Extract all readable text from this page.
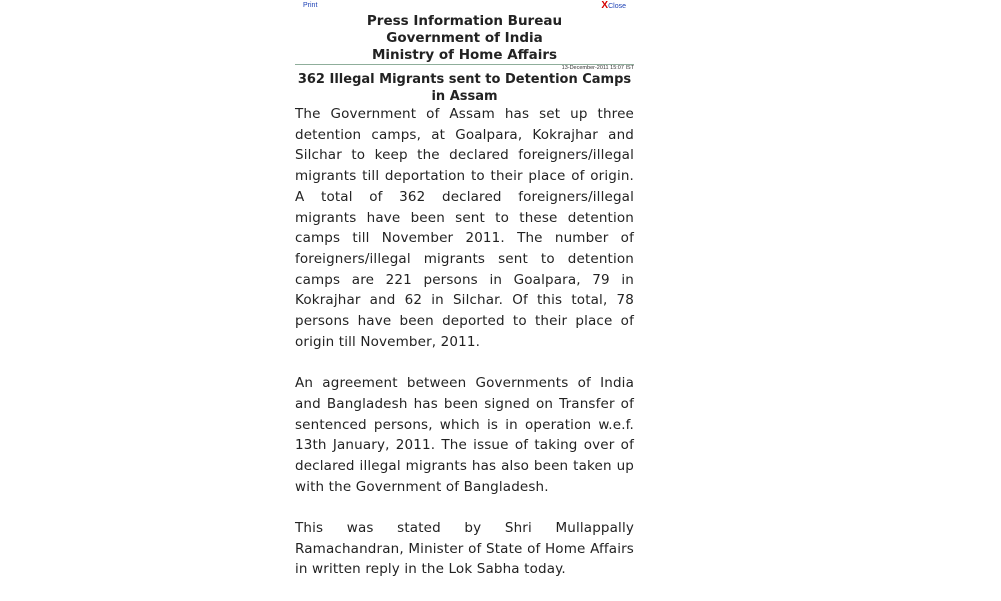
Print	X Close
Press Information Bureau
Government of India
Ministry of Home Affairs
13-December-2011 15:07 IST
362 Illegal Migrants sent to Detention Camps in Assam

The Government of Assam has set up three detention camps, at Goalpara, Kokrajhar and Silchar to keep the declared foreigners/illegal migrants till deportation to their place of origin. A total of 362 declared foreigners/illegal migrants have been sent to these detention camps till November 2011. The number of foreigners/illegal migrants sent to detention camps are 221 persons in Goalpara, 79 in Kokrajhar and 62 in Silchar. Of this total, 78 persons have been deported to their place of origin till November, 2011.

An agreement between Governments of India and Bangladesh has been signed on Transfer of sentenced persons, which is in operation w.e.f. 13th January, 2011. The issue of taking over of declared illegal migrants has also been taken up with the Government of Bangladesh.

This was stated by Shri Mullappally Ramachandran, Minister of State of Home Affairs in written reply in the Lok Sabha today.
